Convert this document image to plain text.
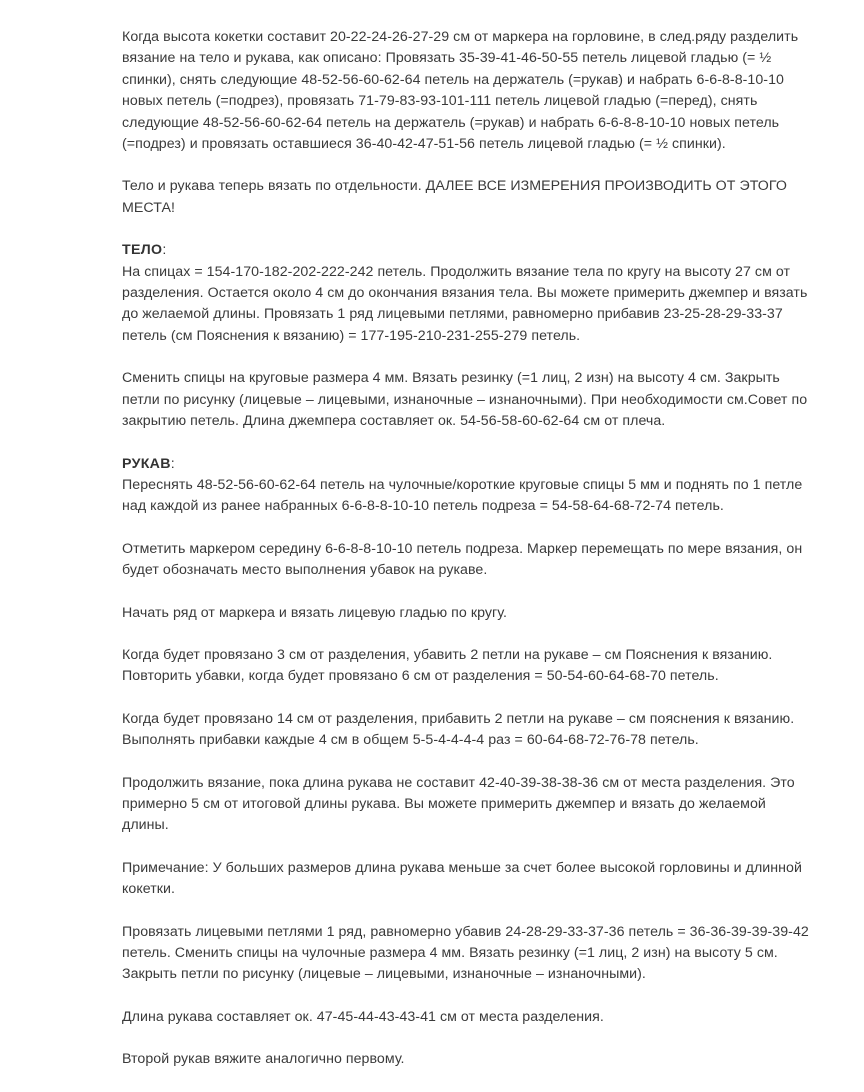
Когда высота кокетки составит 20-22-24-26-27-29 см от маркера на горловине, в след.ряду разделить вязание на тело и рукава, как описано: Провязать 35-39-41-46-50-55 петель лицевой гладью (= ½ спинки), снять следующие 48-52-56-60-62-64 петель на держатель (=рукав) и набрать 6-6-8-8-10-10 новых петель (=подрез), провязать 71-79-83-93-101-111 петель лицевой гладью (=перед), снять следующие 48-52-56-60-62-64 петель на держатель (=рукав) и набрать 6-6-8-8-10-10 новых петель (=подрез) и провязать оставшиеся 36-40-42-47-51-56 петель лицевой гладью (= ½ спинки).

Тело и рукава теперь вязать по отдельности. ДАЛЕЕ ВСЕ ИЗМЕРЕНИЯ ПРОИЗВОДИТЬ ОТ ЭТОГО МЕСТА!

ТЕЛО:

На спицах = 154-170-182-202-222-242 петель. Продолжить вязание тела по кругу на высоту 27 см от разделения. Остается около 4 см до окончания вязания тела. Вы можете примерить джемпер и вязать до желаемой длины. Провязать 1 ряд лицевыми петлями, равномерно прибавив 23-25-28-29-33-37 петель (см Пояснения к вязанию) = 177-195-210-231-255-279 петель.

Сменить спицы на круговые размера 4 мм. Вязать резинку (=1 лиц, 2 изн) на высоту 4 см. Закрыть петли по рисунку (лицевые – лицевыми, изнаночные – изнаночными). При необходимости см.Совет по закрытию петель. Длина джемпера составляет ок. 54-56-58-60-62-64 см от плеча.

РУКАВ:

Переснять 48-52-56-60-62-64 петель на чулочные/короткие круговые спицы 5 мм и поднять по 1 петле над каждой из ранее набранных 6-6-8-8-10-10 петель подреза = 54-58-64-68-72-74 петель.

Отметить маркером середину 6-6-8-8-10-10 петель подреза. Маркер перемещать по мере вязания, он будет обозначать место выполнения убавок на рукаве.

Начать ряд от маркера и вязать лицевую гладью по кругу.

Когда будет провязано 3 см от разделения, убавить 2 петли на рукаве – см Пояснения к вязанию. Повторить убавки, когда будет провязано 6 см от разделения = 50-54-60-64-68-70 петель.

Когда будет провязано 14 см от разделения, прибавить 2 петли на рукаве – см пояснения к вязанию. Выполнять прибавки каждые 4 см в общем 5-5-4-4-4-4 раз = 60-64-68-72-76-78 петель.

Продолжить вязание, пока длина рукава не составит 42-40-39-38-38-36 см от места разделения. Это примерно 5 см от итоговой длины рукава. Вы можете примерить джемпер и вязать до желаемой длины.

Примечание: У больших размеров длина рукава меньше за счет более высокой горловины и длинной кокетки.

Провязать лицевыми петлями 1 ряд, равномерно убавив 24-28-29-33-37-36 петель = 36-36-39-39-39-42 петель. Сменить спицы на чулочные размера 4 мм. Вязать резинку (=1 лиц, 2 изн) на высоту 5 см. Закрыть петли по рисунку (лицевые – лицевыми, изнаночные – изнаночными).

Длина рукава составляет ок. 47-45-44-43-43-41 см от места разделения.

Второй рукав вяжите аналогично первому.
